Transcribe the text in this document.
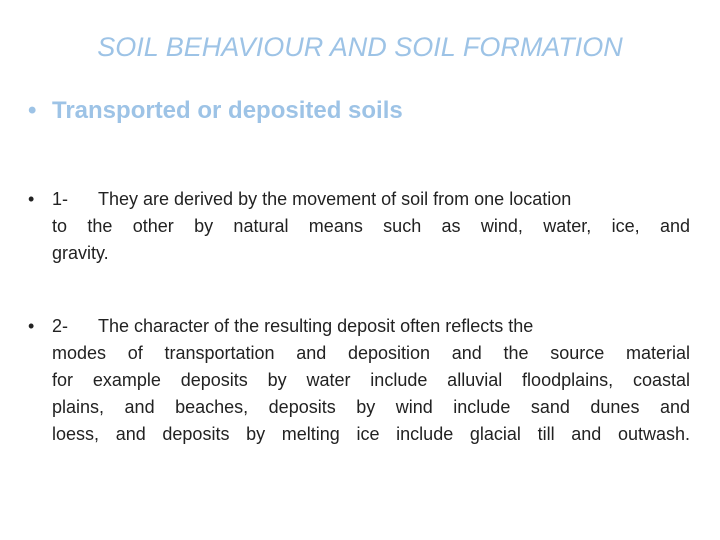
SOIL BEHAVIOUR AND SOIL FORMATION
• Transported or deposited soils
• 1- They are derived by the movement of soil from one location
to the other by natural means such as wind, water, ice, and
gravity.
• 2- The character of the resulting deposit often reflects the
modes of transportation and deposition and the source material
for example deposits by water include alluvial floodplains, coastal
plains, and beaches, deposits by wind include sand dunes and
loess, and deposits by melting ice include glacial till and outwash.
